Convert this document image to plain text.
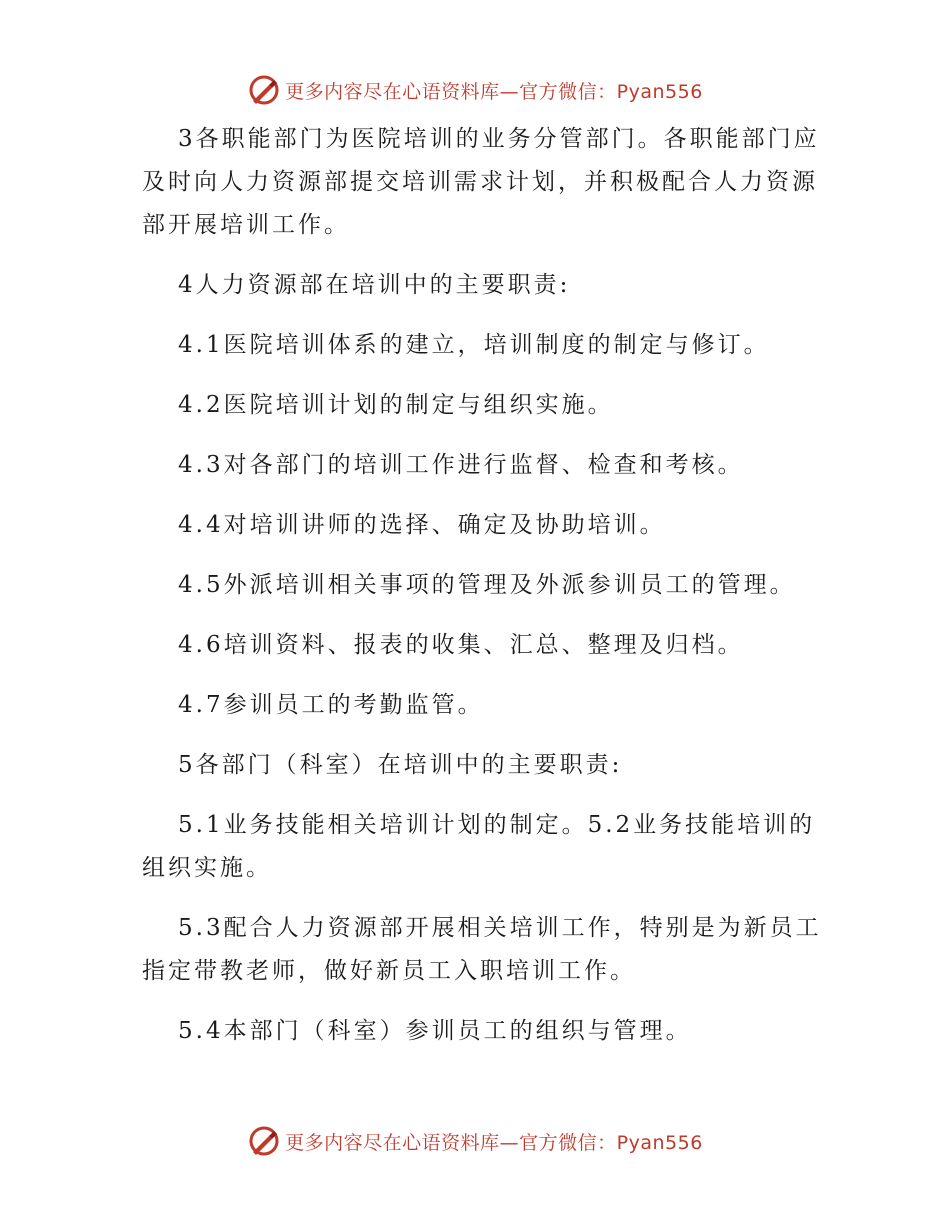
更多内容尽在心语资料库—官方微信：Pyan556

3各职能部门为医院培训的业务分管部门。各职能部门应及时向人力资源部提交培训需求计划，并积极配合人力资源部开展培训工作。

4人力资源部在培训中的主要职责:

4.1医院培训体系的建立，培训制度的制定与修订。

4.2医院培训计划的制定与组织实施。

4.3对各部门的培训工作进行监督、检查和考核。

4.4对培训讲师的选择、确定及协助培训。

4.5外派培训相关事项的管理及外派参训员工的管理。

4.6培训资料、报表的收集、汇总、整理及归档。

4.7参训员工的考勤监管。

5各部门（科室）在培训中的主要职责:

5.1业务技能相关培训计划的制定。5.2业务技能培训的组织实施。

5.3配合人力资源部开展相关培训工作，特别是为新员工指定带教老师，做好新员工入职培训工作。

5.4本部门（科室）参训员工的组织与管理。

更多内容尽在心语资料库—官方微信：Pyan556
